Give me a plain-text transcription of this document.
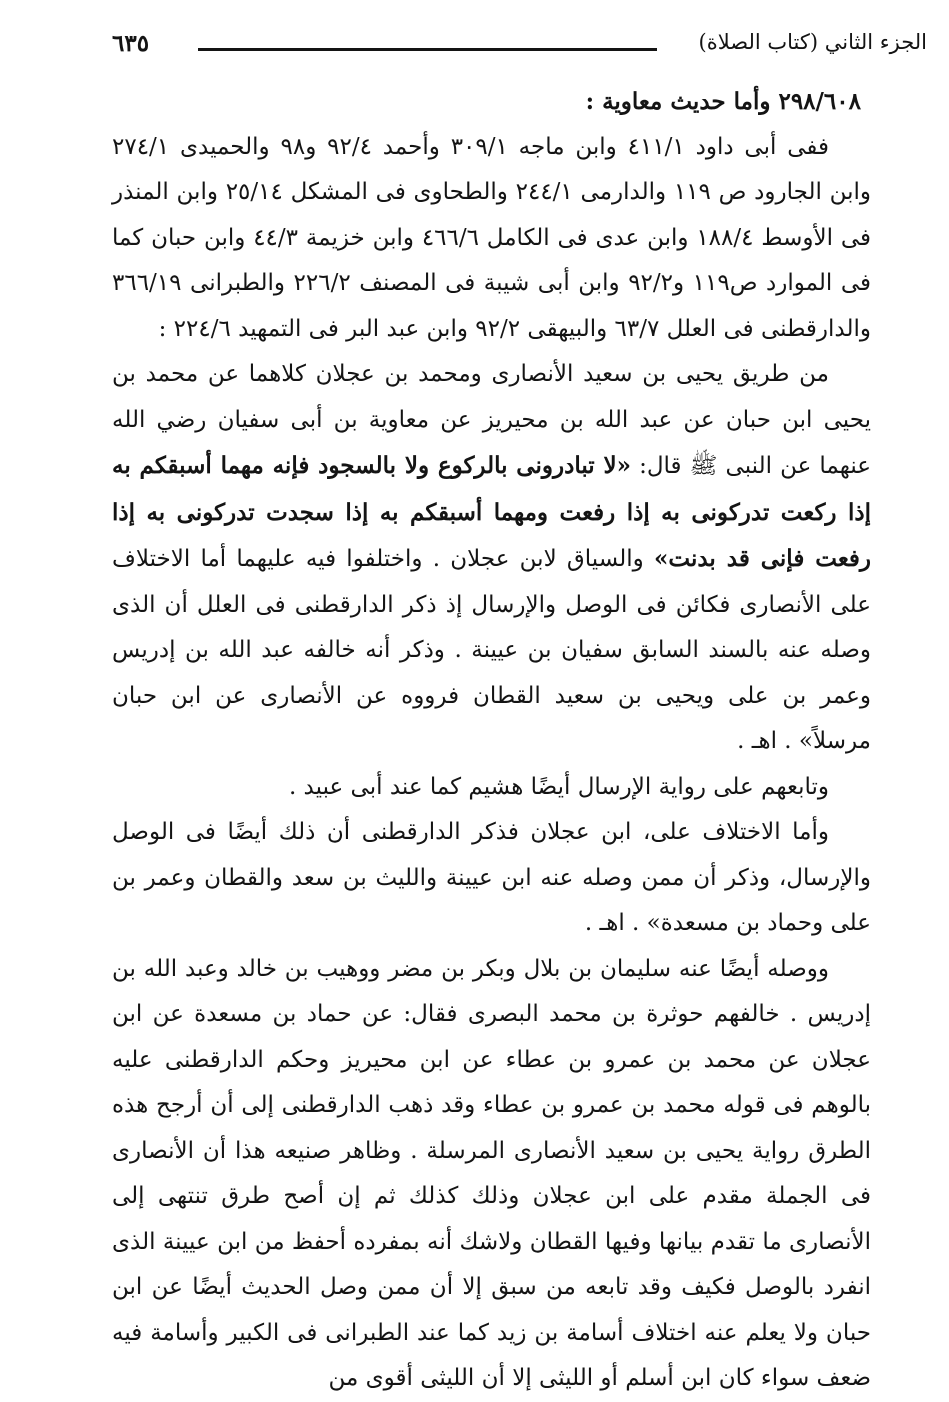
الجزء الثاني (كتاب الصلاة)
٦٣٥

٢٩٨/٦٠٨ وأما حديث معاوية :

ففى أبى داود ٤١١/١ وابن ماجه ٣٠٩/١ وأحمد ٩٢/٤ و٩٨ والحميدى ٢٧٤/١ وابن الجارود ص ١١٩ والدارمى ٢٤٤/١ والطحاوى فى المشكل ٢٥/١٤ وابن المنذر فى الأوسط ١٨٨/٤ وابن عدى فى الكامل ٤٦٦/٦ وابن خزيمة ٤٤/٣ وابن حبان كما فى الموارد ص١١٩ و٩٢/٢ وابن أبى شيبة فى المصنف ٢٢٦/٢ والطبرانى ٣٦٦/١٩ والدارقطنى فى العلل ٦٣/٧ والبيهقى ٩٢/٢ وابن عبد البر فى التمهيد ٢٢٤/٦ :

من طريق يحيى بن سعيد الأنصارى ومحمد بن عجلان كلاهما عن محمد بن يحيى ابن حبان عن عبد الله بن محيريز عن معاوية بن أبى سفيان رضي الله عنهما عن النبى ﷺ قال: «لا تبادرونى بالركوع ولا بالسجود فإنه مهما أسبقكم به إذا ركعت تدركونى به إذا رفعت ومهما أسبقكم به إذا سجدت تدركونى به إذا رفعت فإنى قد بدنت» والسياق لابن عجلان . واختلفوا فيه عليهما أما الاختلاف على الأنصارى فكائن فى الوصل والإرسال إذ ذكر الدارقطنى فى العلل أن الذى وصله عنه بالسند السابق سفيان بن عيينة . وذكر أنه خالفه عبد الله بن إدريس وعمر بن على ويحيى بن سعيد القطان فرووه عن الأنصارى عن ابن حبان مرسلاً» . اهـ .

وتابعهم على رواية الإرسال أيضًا هشيم كما عند أبى عبيد .

وأما الاختلاف على، ابن عجلان فذكر الدارقطنى أن ذلك أيضًا فى الوصل والإرسال، وذكر أن ممن وصله عنه ابن عيينة والليث بن سعد والقطان وعمر بن على وحماد بن مسعدة» . اهـ .

ووصله أيضًا عنه سليمان بن بلال وبكر بن مضر ووهيب بن خالد وعبد الله بن إدريس . خالفهم حوثرة بن محمد البصرى فقال: عن حماد بن مسعدة عن ابن عجلان عن محمد بن عمرو بن عطاء عن ابن محيريز وحكم الدارقطنى عليه بالوهم فى قوله محمد بن عمرو بن عطاء وقد ذهب الدارقطنى إلى أن أرجح هذه الطرق رواية يحيى بن سعيد الأنصارى المرسلة . وظاهر صنيعه هذا أن الأنصارى فى الجملة مقدم على ابن عجلان وذلك كذلك ثم إن أصح طرق تنتهى إلى الأنصارى ما تقدم بيانها وفيها القطان ولاشك أنه بمفرده أحفظ من ابن عيينة الذى انفرد بالوصل فكيف وقد تابعه من سبق إلا أن ممن وصل الحديث أيضًا عن ابن حبان ولا يعلم عنه اختلاف أسامة بن زيد كما عند الطبرانى فى الكبير وأسامة فيه ضعف سواء كان ابن أسلم أو الليثى إلا أن الليثى أقوى من
